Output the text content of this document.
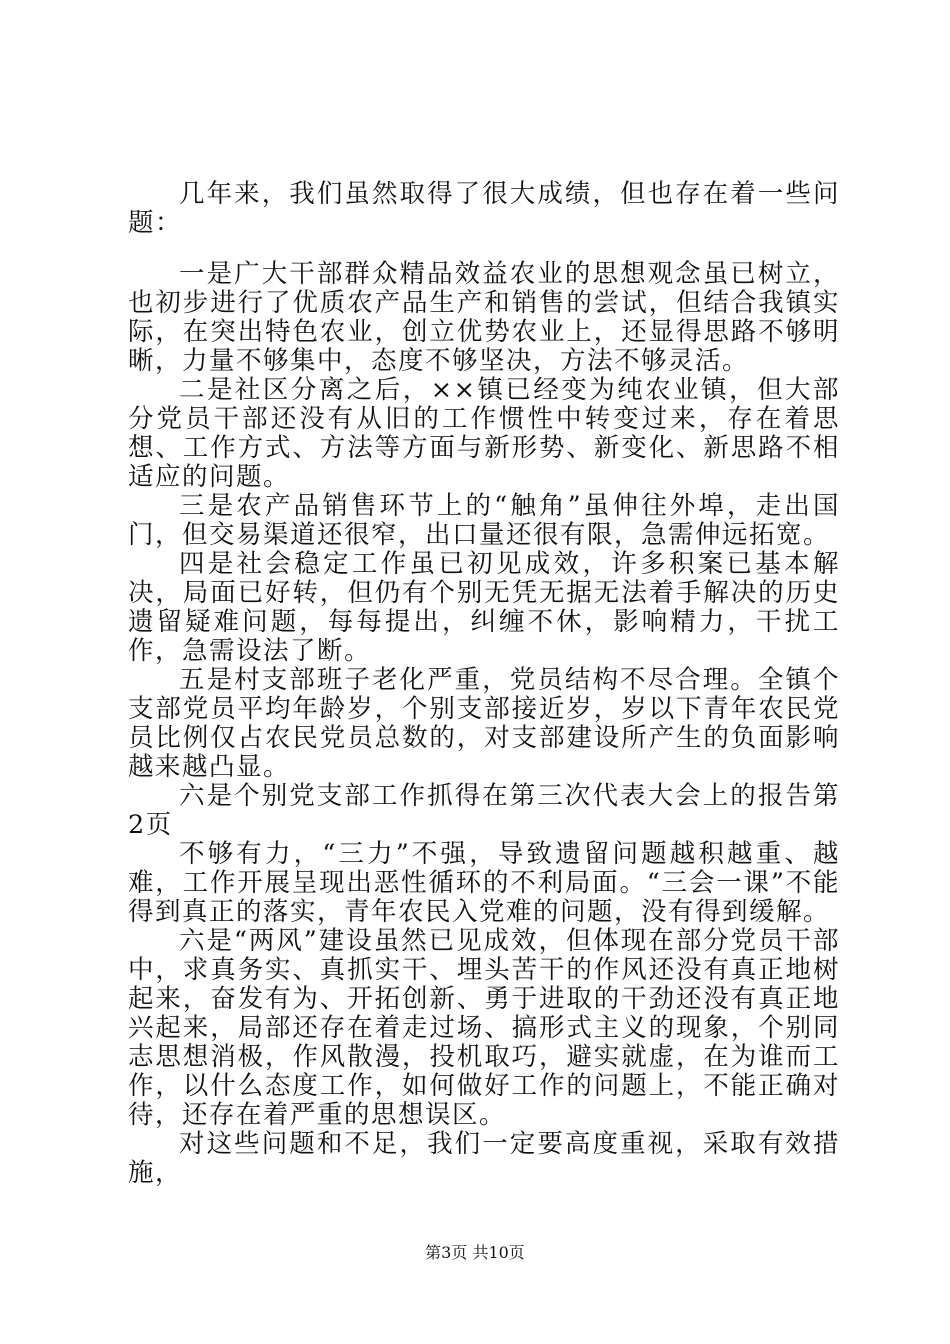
几年来，我们虽然取得了很大成绩，但也存在着一些问题：

一是广大干部群众精品效益农业的思想观念虽已树立，也初步进行了优质农产品生产和销售的尝试，但结合我镇实际，在突出特色农业，创立优势农业上，还显得思路不够明晰，力量不够集中，态度不够坚决，方法不够灵活。

二是社区分离之后，××镇已经变为纯农业镇，但大部分党员干部还没有从旧的工作惯性中转变过来，存在着思想、工作方式、方法等方面与新形势、新变化、新思路不相适应的问题。

三是农产品销售环节上的“触角”虽伸往外埠，走出国门，但交易渠道还很窄，出口量还很有限，急需伸远拓宽。

四是社会稳定工作虽已初见成效，许多积案已基本解决，局面已好转，但仍有个别无凭无据无法着手解决的历史遗留疑难问题，每每提出，纠缠不休，影响精力，干扰工作，急需设法了断。

五是村支部班子老化严重，党员结构不尽合理。全镇个支部党员平均年龄岁，个别支部接近岁，岁以下青年农民党员比例仅占农民党员总数的，对支部建设所产生的负面影响越来越凸显。

六是个别党支部工作抓得在第三次代表大会上的报告第2页

不够有力，“三力”不强，导致遗留问题越积越重、越难，工作开展呈现出恶性循环的不利局面。“三会一课”不能得到真正的落实，青年农民入党难的问题，没有得到缓解。

六是“两风”建设虽然已见成效，但体现在部分党员干部中，求真务实、真抓实干、埋头苦干的作风还没有真正地树起来，奋发有为、开拓创新、勇于进取的干劲还没有真正地兴起来，局部还存在着走过场、搞形式主义的现象，个别同志思想消极，作风散漫，投机取巧，避实就虚，在为谁而工作，以什么态度工作，如何做好工作的问题上，不能正确对待，还存在着严重的思想误区。

对这些问题和不足，我们一定要高度重视，采取有效措施，

第3页 共10页
